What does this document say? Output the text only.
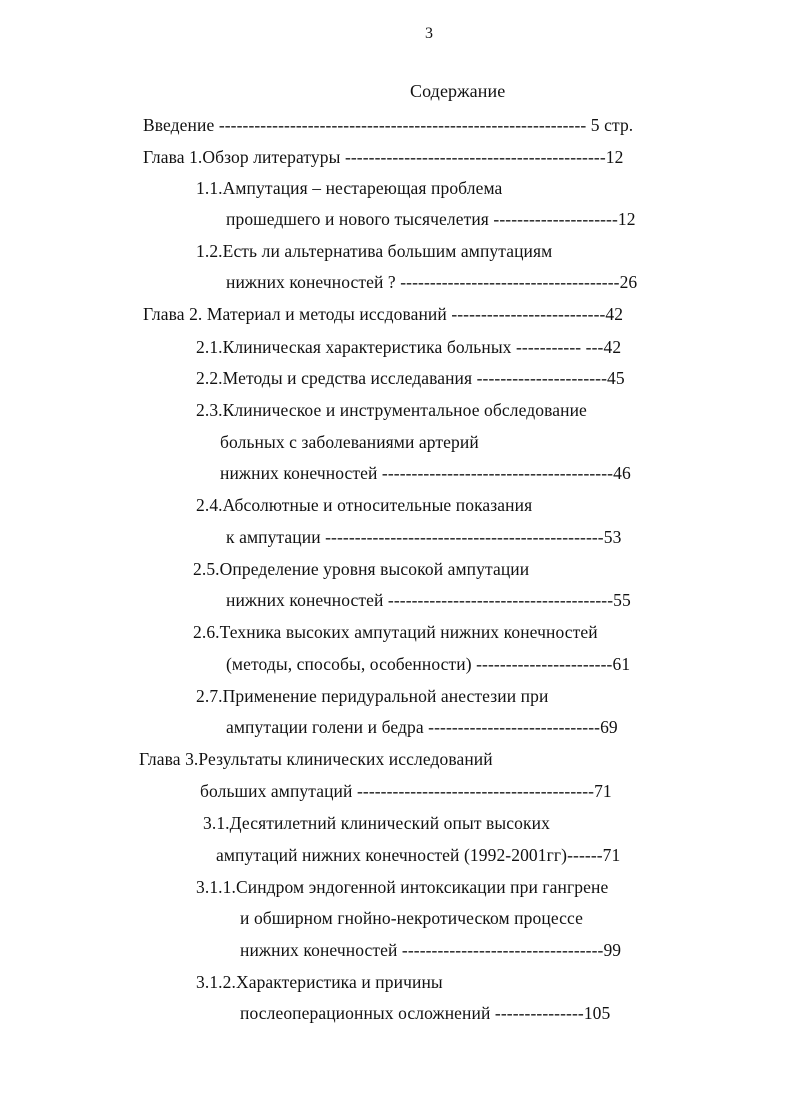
3
Содержание
Введение -------------------------------------------------------------- 5 стр.
Глава 1.Обзор литературы --------------------------------------------12
1.1.Ампутация – нестареющая проблема
прошедшего и нового тысячелетия ---------------------12
1.2.Есть ли альтернатива большим ампутациям
нижних конечностей ? -------------------------------------26
Глава 2. Материал и методы иссдований --------------------------42
2.1.Клиническая характеристика больных ----------- ---42
2.2.Методы и средства исследавания ----------------------45
2.3.Клиническое и инструментальное обследование
больных с заболеваниями артерий
нижних конечностей ---------------------------------------46
2.4.Абсолютные и относительные показания
к ампутации -----------------------------------------------53
2.5.Определение уровня высокой ампутации
нижних конечностей --------------------------------------55
2.6.Техника высоких ампутаций нижних конечностей
(методы, способы, особенности) -----------------------61
2.7.Применение перидуральной анестезии при
ампутации голени и бедра -----------------------------69
Глава 3.Результаты клинических исследований
больших ампутаций ----------------------------------------71
3.1.Десятилетний клинический опыт высоких
ампутаций нижних конечностей (1992-2001гг)------71
3.1.1.Синдром эндогенной интоксикации при гангрене
и обширном гнойно-некротическом процессе
нижних конечностей ----------------------------------99
3.1.2.Характеристика и причины
послеоперационных осложнений ---------------105
